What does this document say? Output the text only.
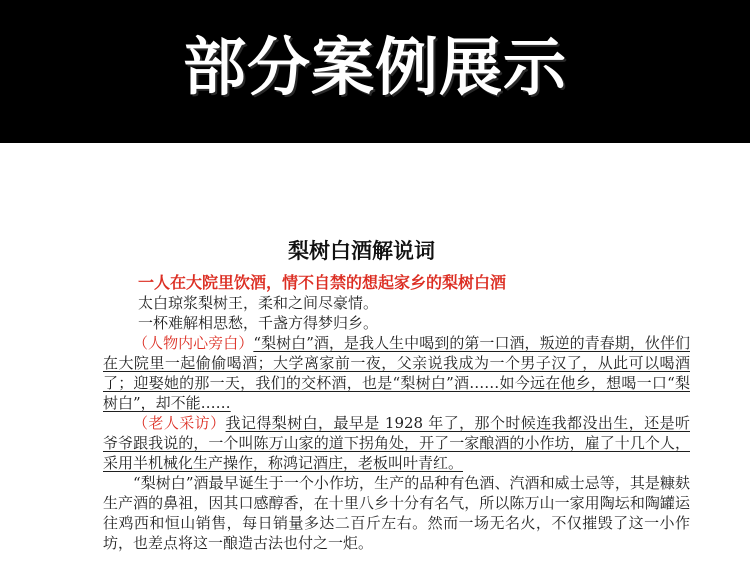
部分案例展示
梨树白酒解说词
一人在大院里饮酒，情不自禁的想起家乡的梨树白酒
太白琼浆梨树王，柔和之间尽豪情。
一杯难解相思愁，千盏方得梦归乡。

（人物内心旁白）“梨树白”酒，是我人生中喝到的第一口酒，叛逆的青春期，伙伴们在大院里一起偷偷喝酒；大学离家前一夜，父亲说我成为一个男子汉了，从此可以喝酒了；迎娶她的那一天，我们的交杯酒，也是“梨树白”酒……如今远在他乡，想喝一口“梨树白”，却不能……

（老人采访）我记得梨树白，最早是 1928 年了，那个时候连我都没出生，还是听爷爷跟我说的，一个叫陈万山家的道下拐角处，开了一家酿酒的小作坊，雇了十几个人，采用半机械化生产操作，称鸿记酒庄，老板叫叶青红。

“梨树白”酒最早诞生于一个小作坊，生产的品种有色酒、汽酒和威士忌等，其是糠麸生产酒的鼻祖，因其口感醇香，在十里八乡十分有名气，所以陈万山一家用陶坛和陶罐运往鸡西和恒山销售，每日销量多达二百斤左右。然而一场无名火，不仅摧毁了这一小作坊，也差点将这一酿造古法也付之一炬。
